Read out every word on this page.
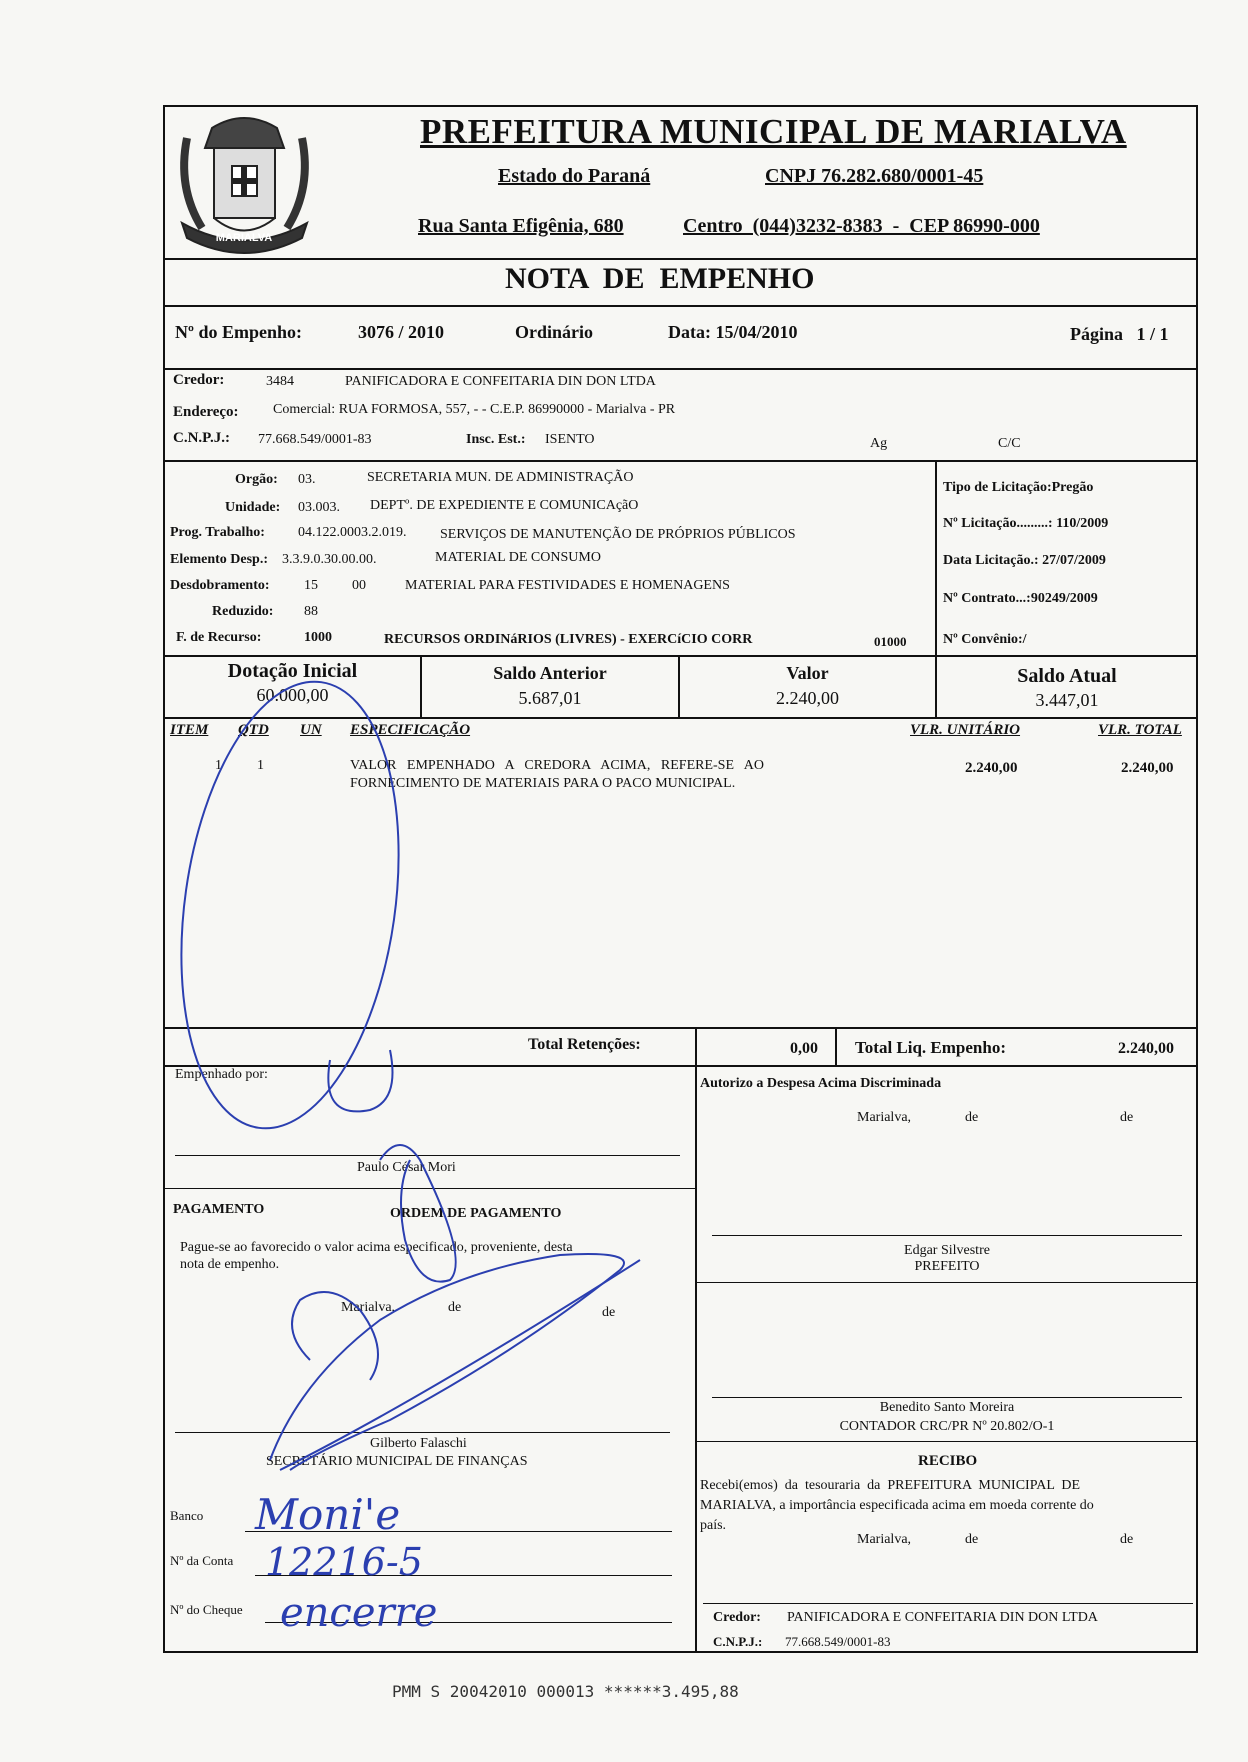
MARIALVA
PREFEITURA MUNICIPAL DE MARIALVA
Estado do Paraná	CNPJ 76.282.680/0001-45
Rua Santa Efigênia, 680	Centro  (044)3232-8383  -  CEP 86990-000
NOTA  DE  EMPENHO
Nº do Empenho:	3076 / 2010	Ordinário	Data: 15/04/2010	Página   1 / 1
Credor:	3484	PANIFICADORA E CONFEITARIA DIN DON LTDA
Endereço: Comercial: RUA FORMOSA, 557, - - C.E.P. 86990000 - Marialva - PR
C.N.P.J.: 77.668.549/0001-83	Insc. Est.: ISENTO	Ag	C/C
Orgão: 03.	SECRETARIA MUN. DE ADMINISTRAÇÃO
Unidade: 03.003. DEPTº. DE EXPEDIENTE E COMUNICAçãO
Prog. Trabalho: 04.122.0003.2.019. SERVIÇOS DE MANUTENÇÃO DE PRÓPRIOS PÚBLICOS
Elemento Desp.: 3.3.9.0.30.00.00.	MATERIAL DE CONSUMO
Desdobramento: 15 00	MATERIAL PARA FESTIVIDADES E HOMENAGENS
Reduzido: 88
F. de Recurso:	1000	RECURSOS ORDINáRIOS (LIVRES) - EXERCíCIO CORR	01000
Tipo de Licitação:Pregão
Nº Licitação.........: 110/2009
Data Licitação.: 27/07/2009
Nº Contrato...:90249/2009
Nº Convênio:/
Dotação Inicial
60.000,00
Saldo Anterior
5.687,01
Valor
2.240,00
Saldo Atual
3.447,01
ITEM QTD UN ESPECIFICAÇÃO	VLR. UNITÁRIO	VLR. TOTAL
1	1	VALOR   EMPENHADO   A   CREDORA   ACIMA,   REFERE-SE   AO
FORNECIMENTO DE MATERIAIS PARA O PACO MUNICIPAL.
2.240,00	2.240,00
Total Retenções:	0,00 Total Liq. Empenho:	2.240,00
Empenhado por:
Paulo César Mori
Autorizo a Despesa Acima Discriminada
Marialva,	de	de
Edgar Silvestre
PREFEITO
Benedito Santo Moreira
CONTADOR CRC/PR Nº 20.802/O-1
PAGAMENTO	ORDEM DE PAGAMENTO
Pague-se ao favorecido o valor acima especificado, proveniente, desta
nota de empenho.
Marialva,	de	de
Gilberto Falaschi
SECRETÁRIO MUNICIPAL DE FINANÇAS
Banco
Nº da Conta
Nº do Cheque
Moni'e
12216-5
encerre
RECIBO
Recebi(emos)  da  tesouraria  da  PREFEITURA  MUNICIPAL  DE
MARIALVA, a importância especificada acima em moeda corrente do
país.
Marialva,	de	de
Credor: PANIFICADORA E CONFEITARIA DIN DON LTDA
C.N.P.J.: 77.668.549/0001-83
PMM S 20042010 000013 ******3.495,88
